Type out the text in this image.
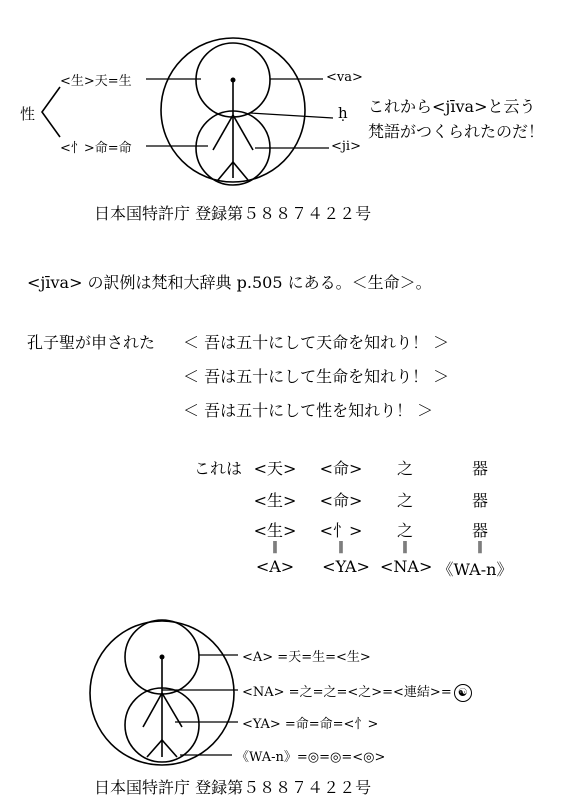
性
<生>天=生
<忄>命=命
<va>
ḥ
<ji>
これから<jīva>と云う
梵語がつくられたのだ！
日本国特許庁 登録第５８８７４２２号
<jīva> の訳例は梵和大辞典 p.505 にある。＜生命＞。
孔子聖が申された ＜ 吾は五十にして天命を知れり！ ＞
＜ 吾は五十にして生命を知れり！ ＞
＜ 吾は五十にして性を知れり！ ＞
これは <天> <命>	之	器
<生> <命>	之	器
<生> <忄>	之	器
‖	‖	‖	‖
<A>	<YA> <NA> 《WA-n》
<A> =天=生=<生>
<NA> =之=之=<之>=<連結>= ☯
<YA> =命=命=<忄>
《WA-n》=◎=◎=<◎>
日本国特許庁 登録第５８８７４２２号
